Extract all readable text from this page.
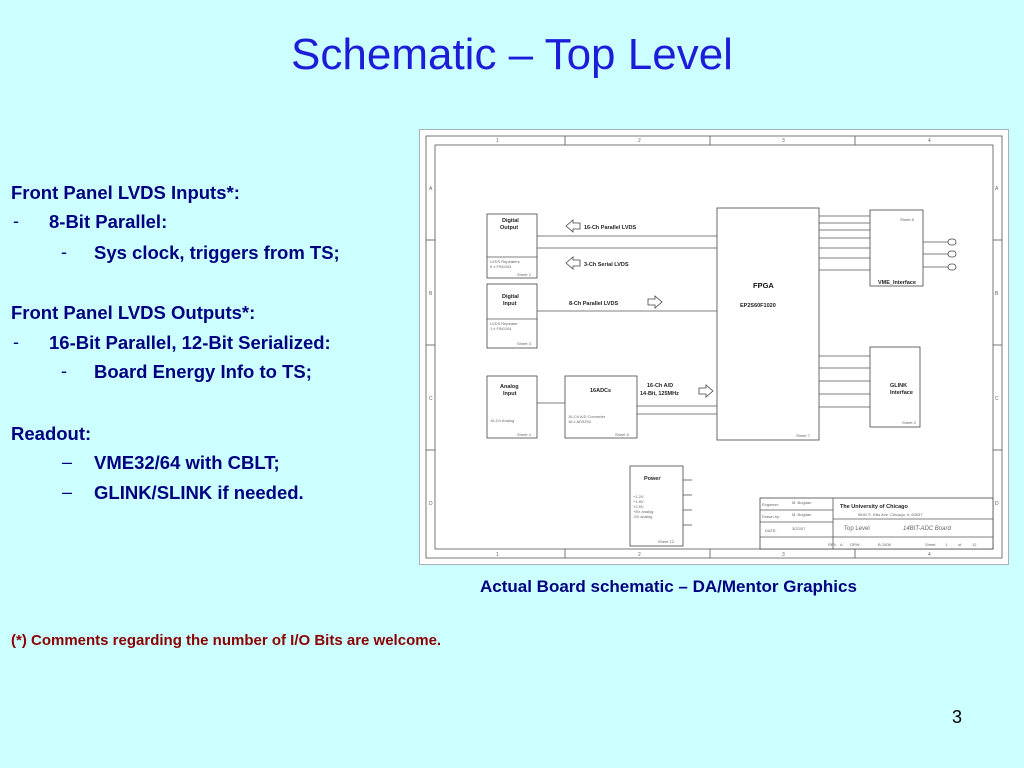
Schematic – Top Level
Front Panel LVDS Inputs*:
- 8-Bit Parallel:
- Sys clock, triggers from TS;
Front Panel LVDS Outputs*:
- 16-Bit Parallel, 12-Bit Serialized:
- Board Energy Info to TS;
Readout:
– VME32/64 with CBLT;
– GLINK/SLINK if needed.
1	2	3	4
1	2	3	4
A
B
C
D
A
B
C
D
Digital Output
LVDS Repeaters
5 x FIN1104
Sheet 2
Digital Input
LVDS Repeater
1 x FIN1104
Sheet 3
Analog Input
16-Ch Analog
Sheet 4
16ADCs
16-Ch A/D Converter
16 x AD9254
Sheet 5
FPGA
EP2S60F1020
Sheet 7
Sheet 8
VME_Interface
GLINK Interface
Sheet 0
Power
+1.2V
+1.8V
+2.5V
+5V analog
-5V analog
Sheet 12
16-Ch Parallel LVDS
3-Ch Serial LVDS
8-Ch Parallel LVDS
16-Ch A/D
14-Bit, 125MHz
Engineer:	M. Bogdan
Drawn by:	M. Bogdan
DATE:	3/22/07
The University of Chicago
5640 S. Ellis Ave. Chicago, IL 60637
Top Level	14BIT-ADC Board
REV. A DRW.	B-2606	Sheet 1	of	12
Actual Board schematic – DA/Mentor Graphics
(*) Comments regarding the number of I/O Bits are welcome.
3
